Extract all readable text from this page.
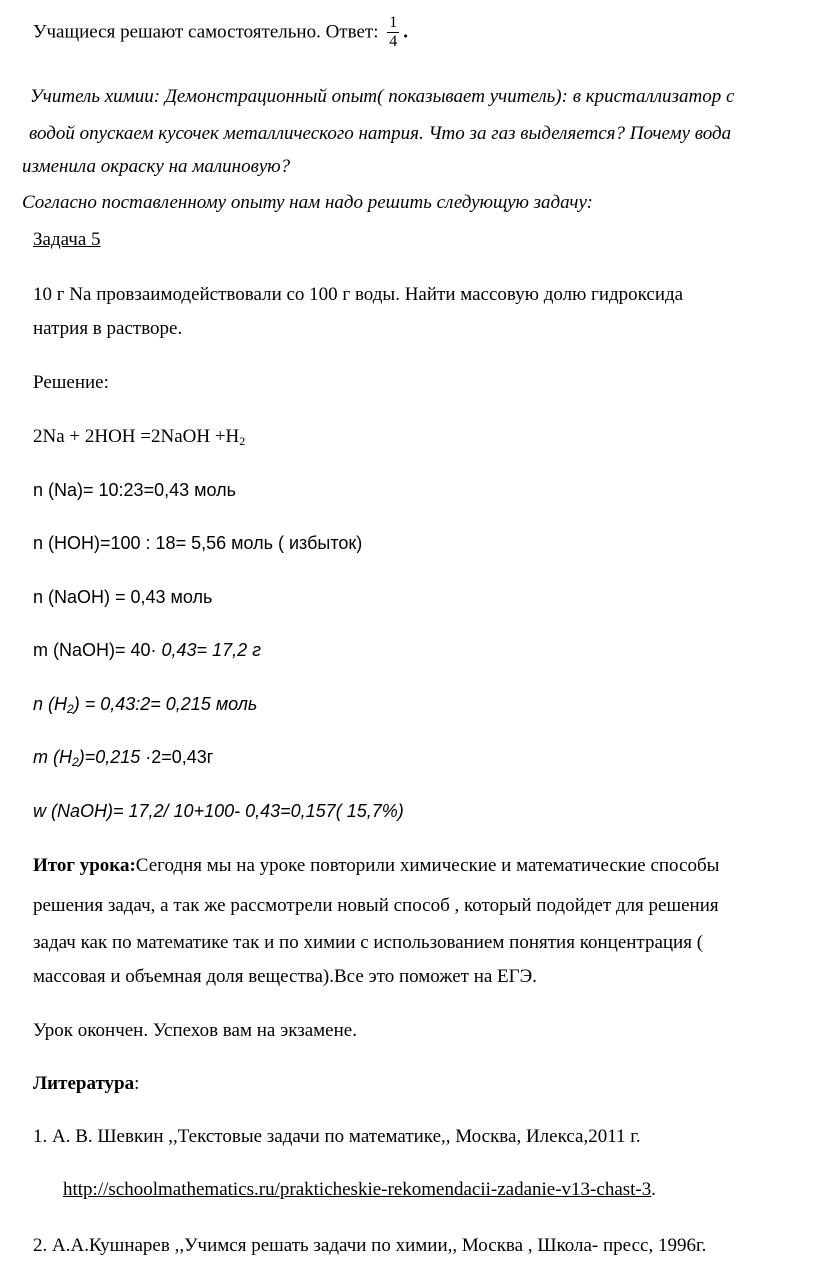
Учащиеся решают самостоятельно. Ответ: $\frac{1}{4}$ .
Учитель химии: Демонстрационный опыт( показывает учитель): в кристаллизатор с
водой опускаем кусочек металлического натрия. Что за газ выделяется? Почему вода
изменила окраску на малиновую?
Согласно поставленному опыту нам надо решить следующую задачу:
Задача 5
10 г Na провзаимодействовали со 100 г воды. Найти массовую долю гидроксида
натрия в растворе.
Решение:
2Na + 2HOH =2NaOH $+H_2$
n (Na)= 10:23=0,43 моль
n (HOH)=100 : 18= 5,56 моль ( избыток)
n (NaOH) = 0,43 моль
m (NaOH)= 40· 0,43= 17,2 г
n $(H_2)$ = 0,43:2= 0,215 моль
m $(H_2)=0,215 \cdot 2=0,43г$
w (NaOH)= 17,2/ 10+100- 0,43=0,157( 15,7%)
Итог урока:Сегодня мы на уроке повторили химические и математические способы
решения задач, а так же рассмотрели новый способ , который подойдет для решения
задач как по математике так и по химии с использованием понятия концентрация (
массовая и объемная доля вещества).Все это поможет на ЕГЭ.
Урок окончен. Успехов вам на экзамене.
Литература:
1. А. В. Шевкин ,,Текстовые задачи по математике,, Москва, Илекса,2011 г.
http://schoolmathematics.ru/prakticheskie-rekomendacii-zadanie-v13-chast-3.
2. А.А.Кушнарев ,,Учимся решать задачи по химии,, Москва , Школа- пресс, 1996г.
